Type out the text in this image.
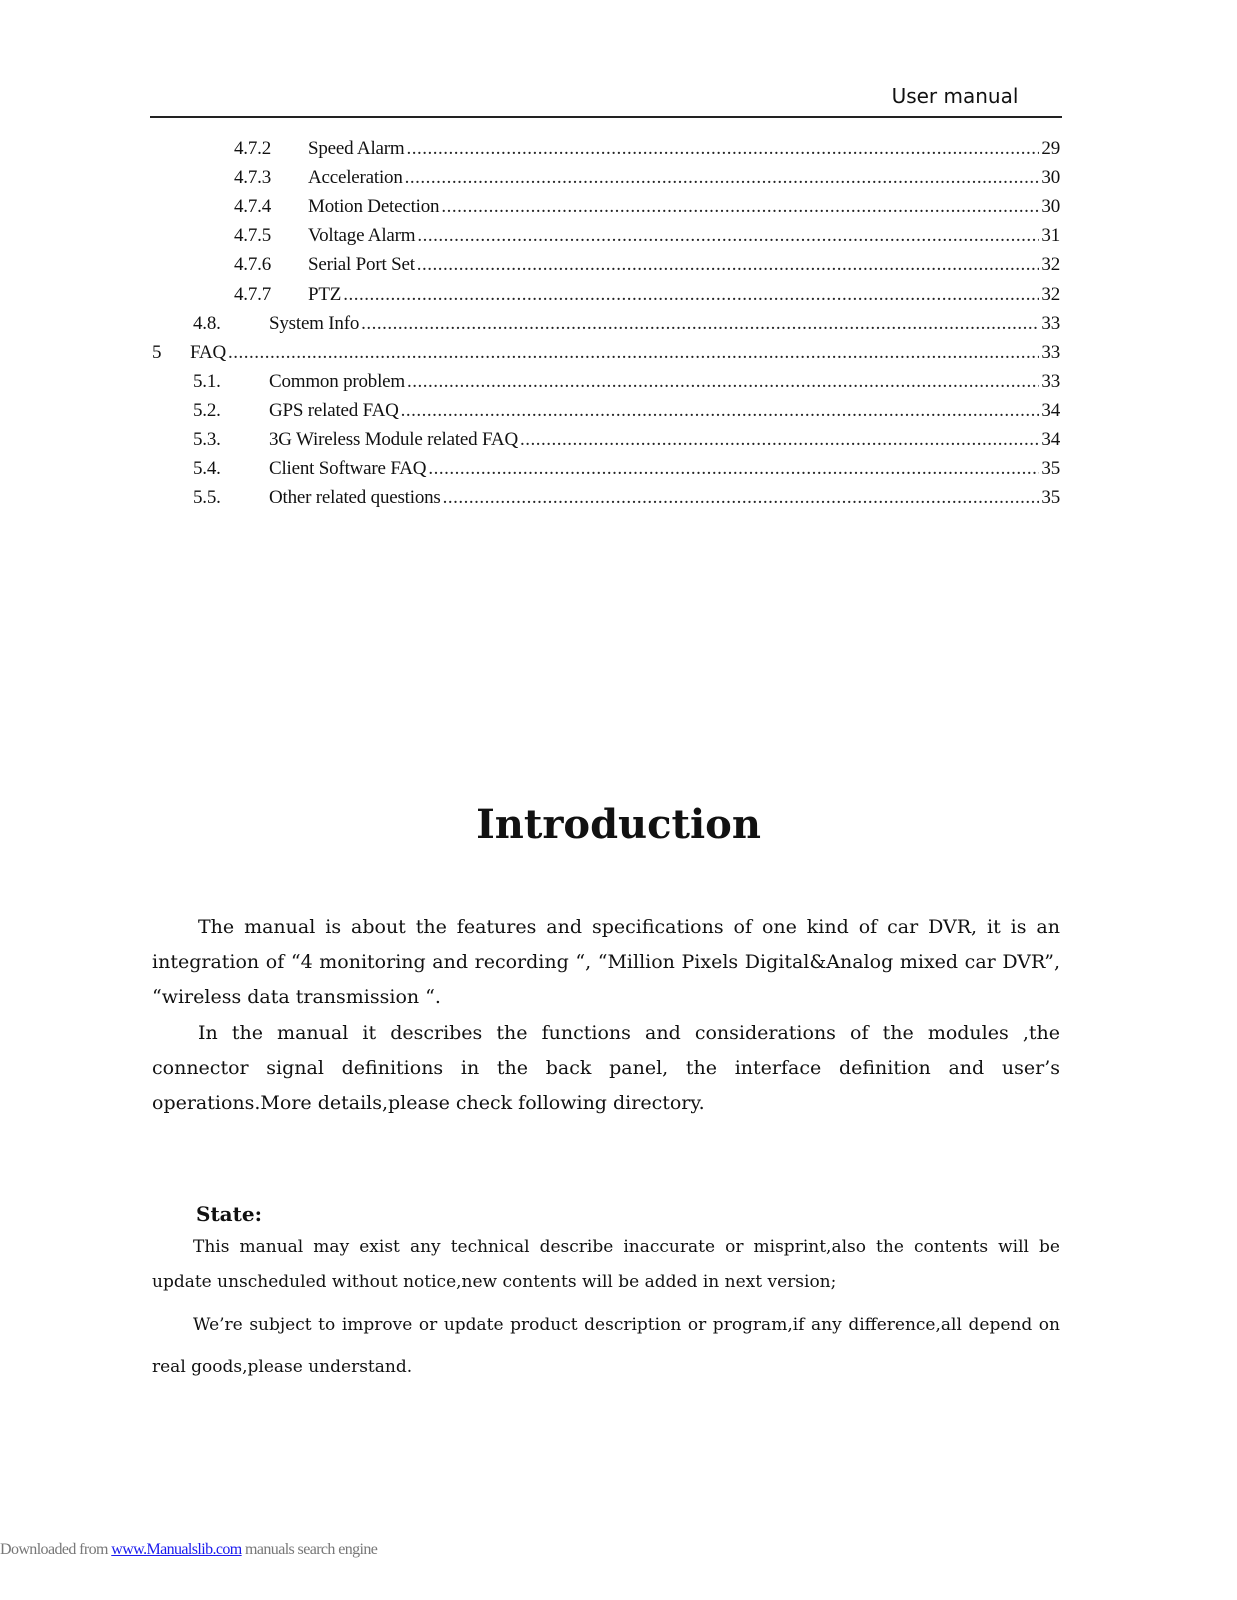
User manual
4.7.2	Speed Alarm .....	29
4.7.3	Acceleration .....	30
4.7.4	Motion Detection .....	30
4.7.5	Voltage Alarm .....	31
4.7.6	Serial Port Set .....	32
4.7.7	PTZ .....	32
4.8.	System Info .....	33
5	FAQ .....	33
5.1.	Common problem .....	33
5.2.	GPS related FAQ .....	34
5.3.	3G Wireless Module related FAQ .....	34
5.4.	Client Software FAQ .....	35
5.5.	Other related questions .....	35
Introduction

The manual is about the features and specifications of one kind of car DVR, it is an integration of “4 monitoring and recording “, “Million Pixels Digital&Analog mixed car DVR”, “wireless data transmission “.

In the manual it describes the functions and considerations of the modules ,the connector signal definitions in the back panel, the interface definition and user’s operations.More details,please check following directory.

State:

This manual may exist any technical describe inaccurate or misprint,also the contents will be update unscheduled without notice,new contents will be added in next version;

We’re subject to improve or update product description or program,if any difference,all depend on real goods,please understand.

Downloaded from www.Manualslib.com manuals search engine
